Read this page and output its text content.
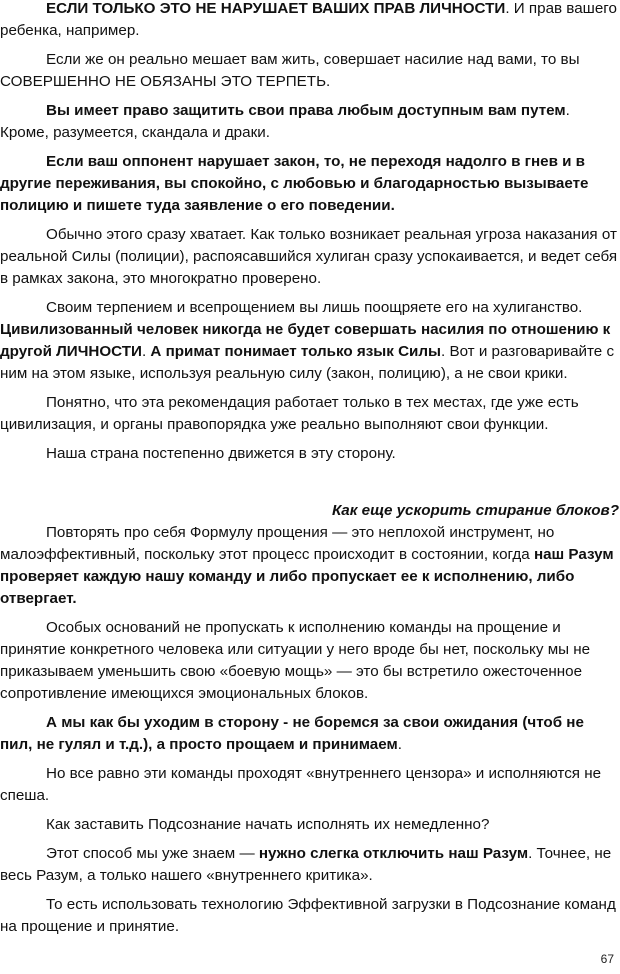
ЕСЛИ ТОЛЬКО ЭТО НЕ НАРУШАЕТ ВАШИХ ПРАВ ЛИЧНОСТИ. И прав вашего ребенка, например.

Если же он реально мешает вам жить, совершает насилие над вами, то вы СОВЕРШЕННО НЕ ОБЯЗАНЫ ЭТО ТЕРПЕТЬ.

Вы имеет право защитить свои права любым доступным вам путем. Кроме, разумеется, скандала и драки.

Если ваш оппонент нарушает закон, то, не переходя надолго в гнев и в другие переживания, вы спокойно, с любовью и благодарностью вызываете полицию и пишете туда заявление о его поведении.

Обычно этого сразу хватает. Как только возникает реальная угроза наказания от реальной Силы (полиции), распоясавшийся хулиган сразу успокаивается, и ведет себя в рамках закона, это многократно проверено.

Своим терпением и всепрощением вы лишь поощряете его на хулиганство. Цивилизованный человек никогда не будет совершать насилия по отношению к другой ЛИЧНОСТИ. А примат понимает только язык Силы. Вот и разговаривайте с ним на этом языке, используя реальную силу (закон, полицию), а не свои крики.

Понятно, что эта рекомендация работает только в тех местах, где уже есть цивилизация, и органы правопорядка уже реально выполняют свои функции.

Наша страна постепенно движется в эту сторону.

Как еще ускорить стирание блоков?

Повторять про себя Формулу прощения — это неплохой инструмент, но малоэффективный, поскольку этот процесс происходит в состоянии, когда наш Разум проверяет каждую нашу команду и либо пропускает ее к исполнению, либо отвергает.

Особых оснований не пропускать к исполнению команды на прощение и принятие конкретного человека или ситуации у него вроде бы нет, поскольку мы не приказываем уменьшить свою «боевую мощь» — это бы встретило ожесточенное сопротивление имеющихся эмоциональных блоков.

А мы как бы уходим в сторону - не боремся за свои ожидания (чтоб не пил, не гулял и т.д.), а просто прощаем и принимаем.

Но все равно эти команды проходят «внутреннего цензора» и исполняются не спеша.

Как заставить Подсознание начать исполнять их немедленно?

Этот способ мы уже знаем — нужно слегка отключить наш Разум. Точнее, не весь Разум, а только нашего «внутреннего критика».

То есть использовать технологию Эффективной загрузки в Подсознание команд на прощение и принятие.

67
